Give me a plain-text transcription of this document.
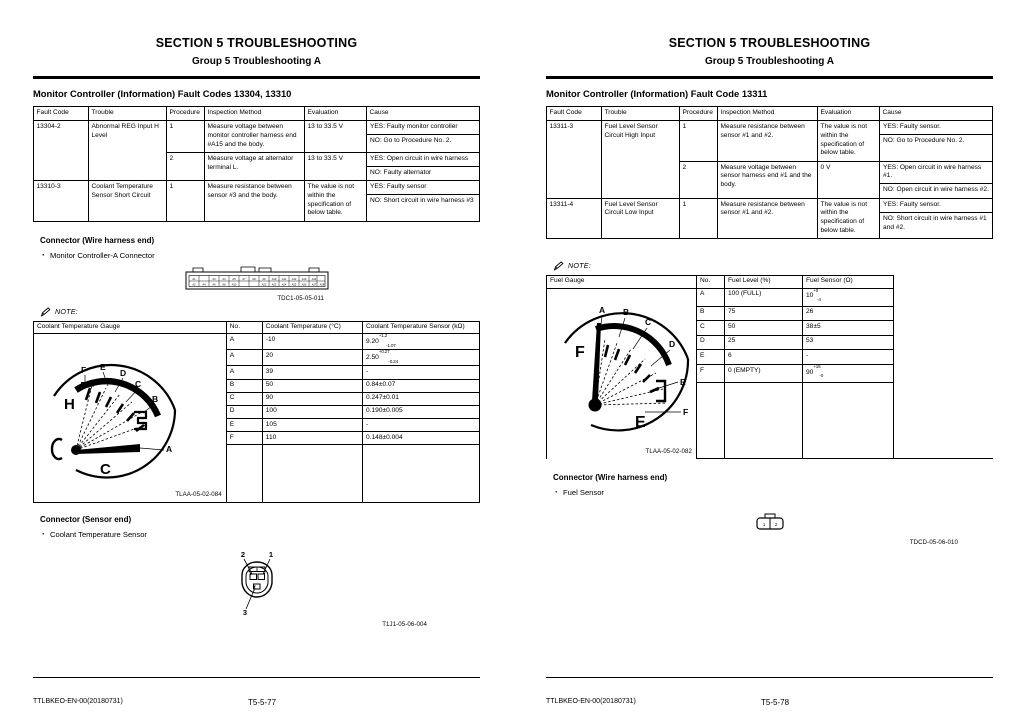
SECTION 5 TROUBLESHOOTING
Group 5 Troubleshooting A
Monitor Controller (Information) Fault Codes 13304, 13310
Fault Code	Trouble	Procedure	Inspection Method	Evaluation	Cause
13304-2	Abnormal REG Input H Level	1	Measure voltage between monitor controller harness end #A15 and the body.	13 to 33.5 V	YES: Faulty monitor controller
NO: Go to Procedure No. 2.

		2	Measure voltage at alternator terminal L.	13 to 33.5 V	YES: Open circuit in wire harness
NO: Faulty alternator

13310-3	Coolant Temperature Sensor Short Circuit	1	Measure resistance between sensor #3 and the body.	The value is not within the specification of below table.	YES: Faulty sensor
NO: Short circuit in wire harness #3
Connector (Wire harness end)
· Monitor Controller-A Connector
A1	A3	A4	A5	A7	A8	A9 A10 A11 A12 A13 A14
A2	A4	A6	A8 A10	A22 A23 A24 A25 A26 A27 A28
TDC1-05-05-011
NOTE:
Coolant Temperature Gauge	No.	Coolant Temperature (°C)	Coolant Temperature Sensor (kΩ)

H
C
F E
D
C
B
A
TLAA-05-02-084
	A	-10	$9.20^{+1.2}_{-1.07}$
	A	20	$2.50^{+0.27}_{-0.24}$
	A	39	-
	B	50	0.84±0.07
	C	90	0.247±0.01
	D	100	0.190±0.005
	E	105	-
	F	110	0.148±0.004

Connector (Sensor end)
· Coolant Temperature Sensor
2	1
3
T1J1-05-06-004
TTLBKEO-EN-00(20180731)	T5-5-77
SECTION 5 TROUBLESHOOTING
Group 5 Troubleshooting A
Monitor Controller (Information) Fault Code 13311
Fault Code	Trouble	Procedure	Inspection Method	Evaluation	Cause
13311-3	Fuel Level Sensor Circuit High Input	1	Measure resistance between sensor #1 and #2.	The value is not within the specification of below table.	YES: Faulty sensor.
NO: Go to Procedure No. 2.

		2	Measure voltage between sensor harness end #1 and the body.	0 V	YES: Open circuit in wire harness #1.
NO: Open circuit in wire harness #2.

13311-4	Fuel Level Sensor Circuit Low Input	1	Measure resistance between sensor #1 and #2.	The value is not within the specification of below table.	YES: Faulty sensor.
NO: Short circuit in wire harness #1 and #2.
NOTE:
Fuel Gauge	No.	Fuel Level (%)	Fuel Sensor (Ω)

F
E
A B
C
D
E
F
TLAA-05-02-082
	A	100 (FULL)	$10^{+0}_{-4}$
	B	75	26
	C	50	38±5
	D	25	53
	E	6	-
	F	0 (EMPTY)	$90^{+16}_{-0}$

Connector (Wire harness end)
· Fuel Sensor
1 2
TDCD-05-06-010
TTLBKEO-EN-00(20180731)	T5-5-78
